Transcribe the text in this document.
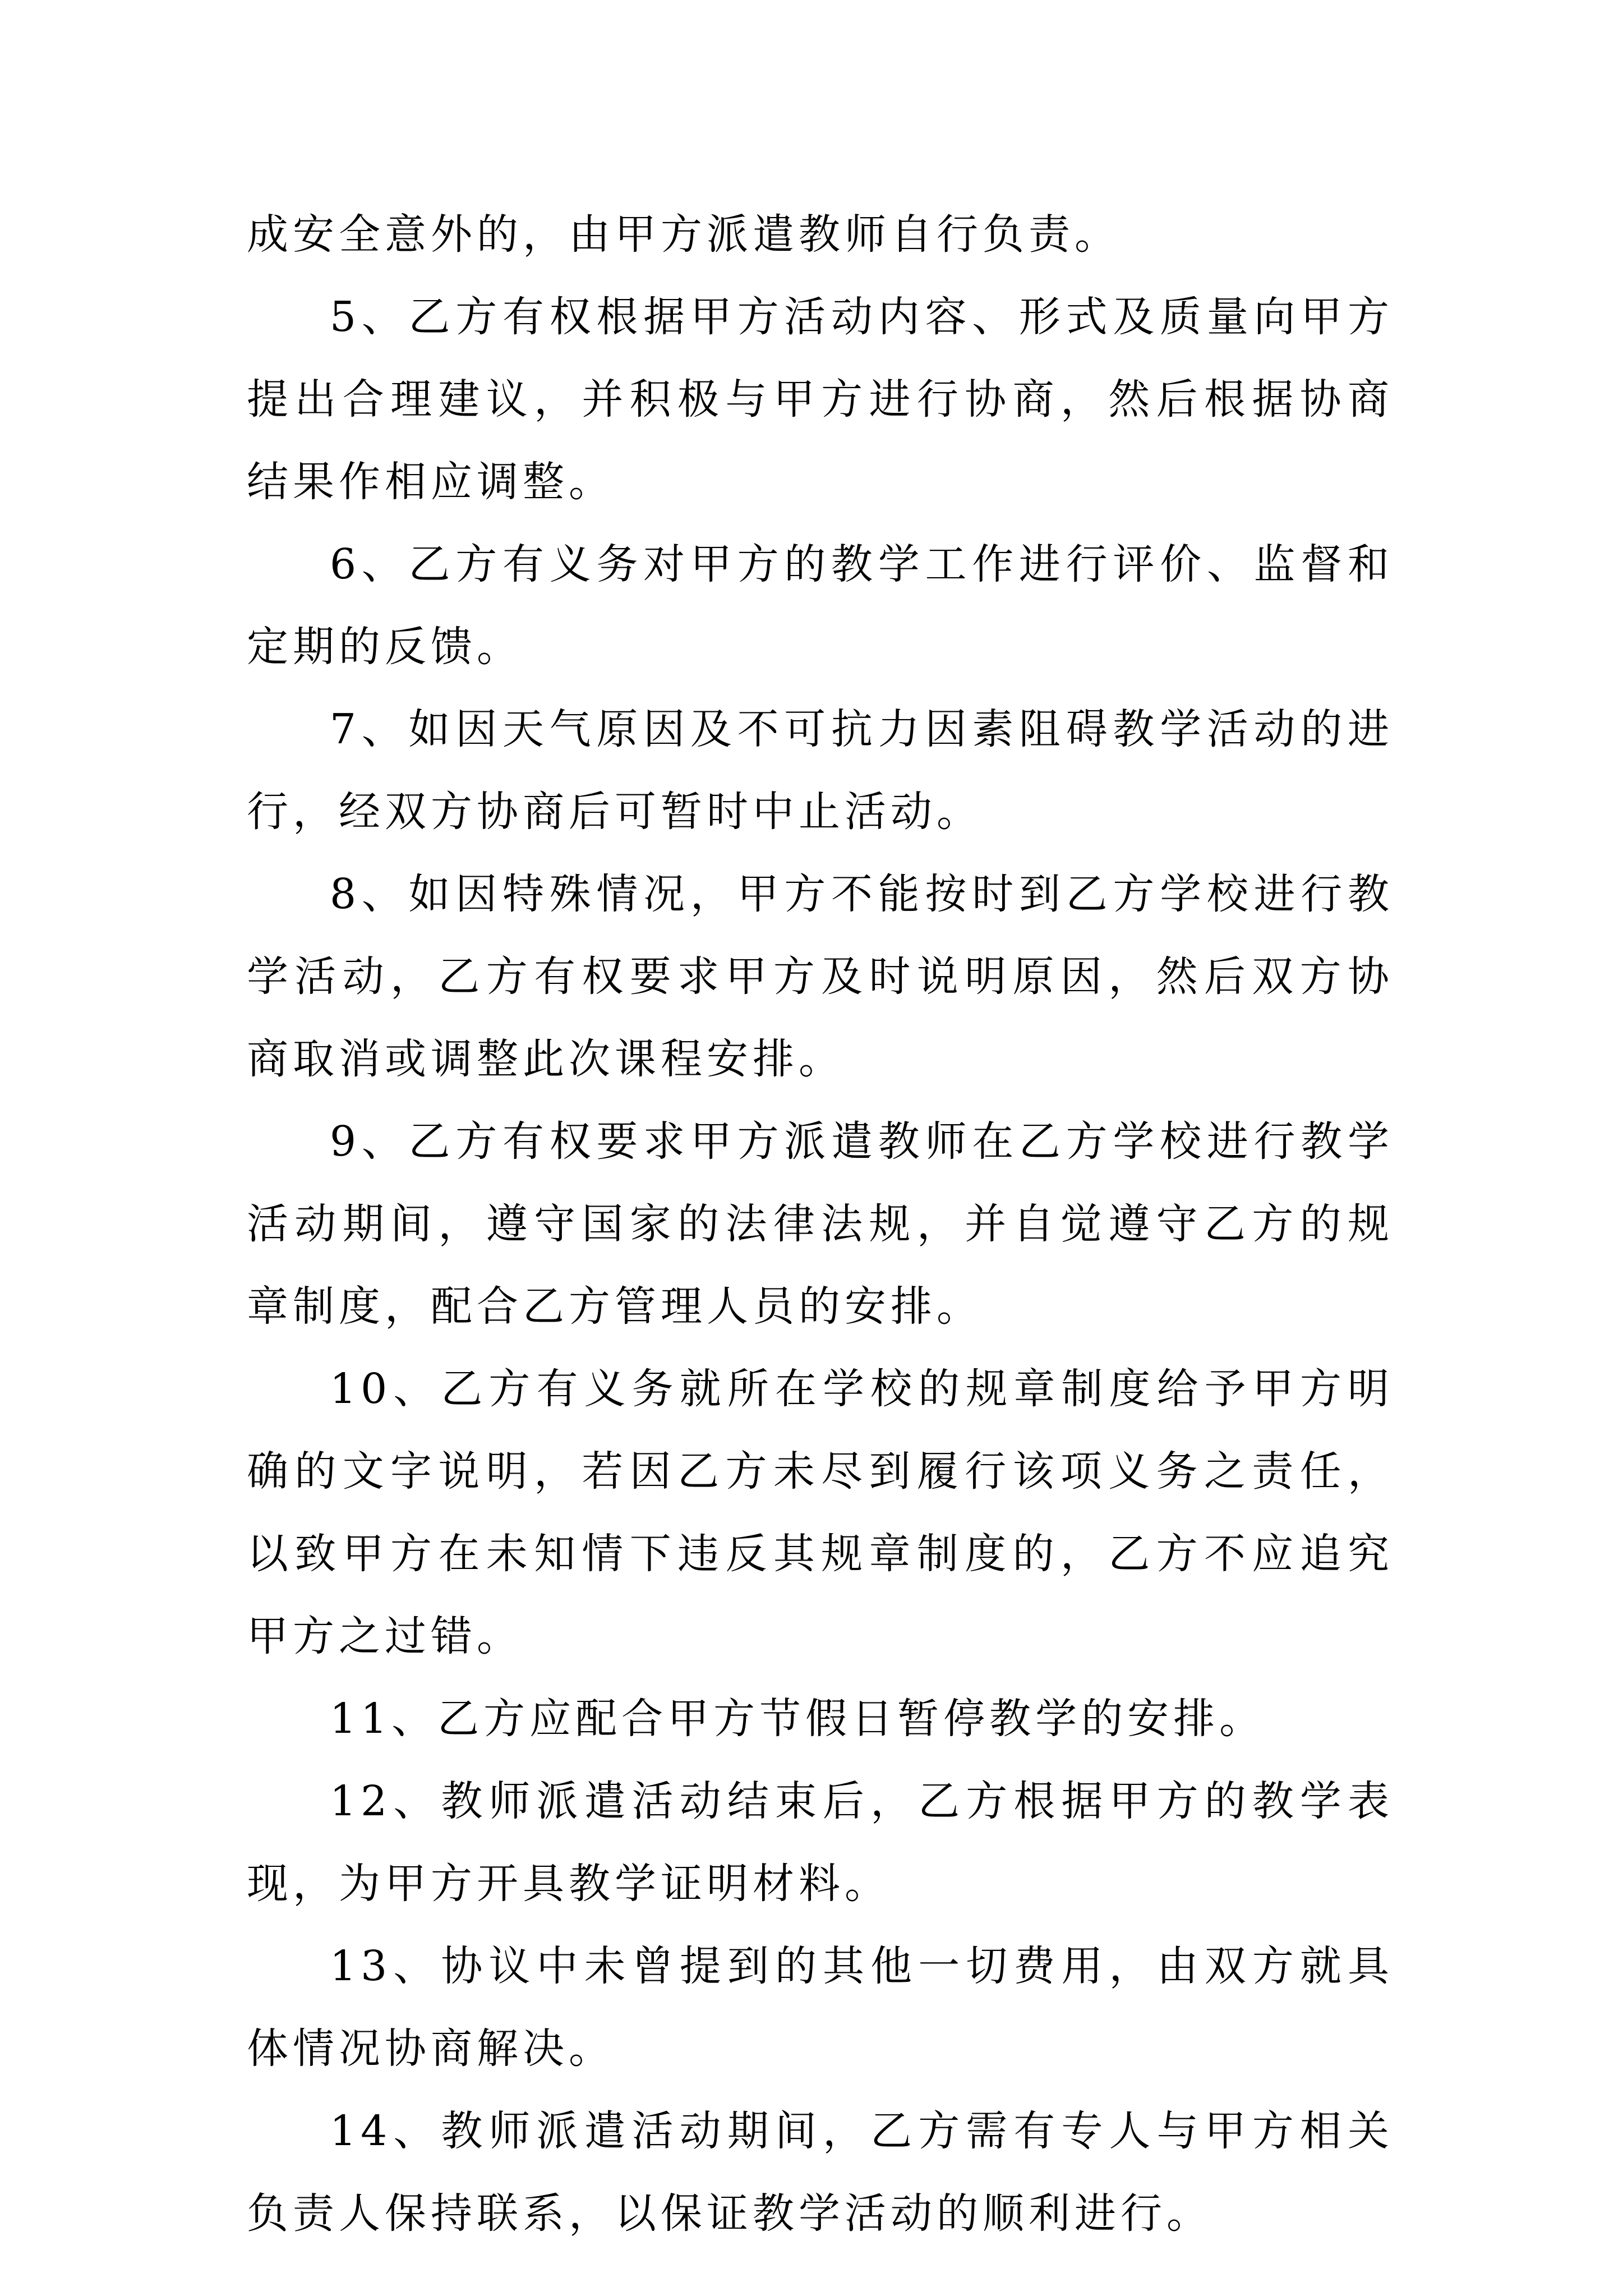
成安全意外的，由甲方派遣教师自行负责。

5、乙方有权根据甲方活动内容、形式及质量向甲方提出合理建议，并积极与甲方进行协商，然后根据协商结果作相应调整。

6、乙方有义务对甲方的教学工作进行评价、监督和定期的反馈。

7、如因天气原因及不可抗力因素阻碍教学活动的进行，经双方协商后可暂时中止活动。

8、如因特殊情况，甲方不能按时到乙方学校进行教学活动，乙方有权要求甲方及时说明原因，然后双方协商取消或调整此次课程安排。

9、乙方有权要求甲方派遣教师在乙方学校进行教学活动期间，遵守国家的法律法规，并自觉遵守乙方的规章制度，配合乙方管理人员的安排。

10、乙方有义务就所在学校的规章制度给予甲方明确的文字说明，若因乙方未尽到履行该项义务之责任，以致甲方在未知情下违反其规章制度的，乙方不应追究甲方之过错。

11、乙方应配合甲方节假日暂停教学的安排。

12、教师派遣活动结束后，乙方根据甲方的教学表现，为甲方开具教学证明材料。

13、协议中未曾提到的其他一切费用，由双方就具体情况协商解决。

14、教师派遣活动期间，乙方需有专人与甲方相关负责人保持联系，以保证教学活动的顺利进行。
